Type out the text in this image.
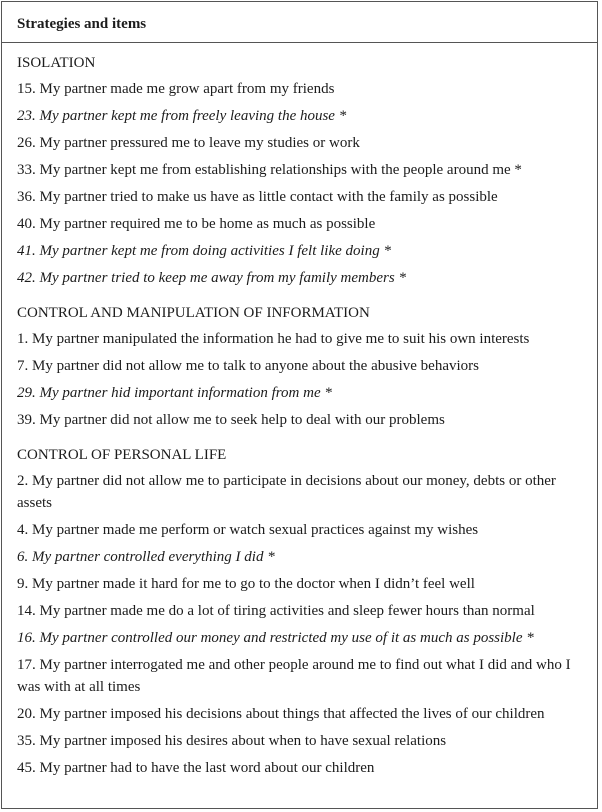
Strategies and items
ISOLATION
15. My partner made me grow apart from my friends
23. My partner kept me from freely leaving the house *
26. My partner pressured me to leave my studies or work
33. My partner kept me from establishing relationships with the people around me *
36. My partner tried to make us have as little contact with the family as possible
40. My partner required me to be home as much as possible
41. My partner kept me from doing activities I felt like doing *
42. My partner tried to keep me away from my family members *
CONTROL AND MANIPULATION OF INFORMATION
1. My partner manipulated the information he had to give me to suit his own interests
7. My partner did not allow me to talk to anyone about the abusive behaviors
29. My partner hid important information from me *
39. My partner did not allow me to seek help to deal with our problems
CONTROL OF PERSONAL LIFE
2. My partner did not allow me to participate in decisions about our money, debts or other assets
4. My partner made me perform or watch sexual practices against my wishes
6. My partner controlled everything I did *
9. My partner made it hard for me to go to the doctor when I didn’t feel well
14. My partner made me do a lot of tiring activities and sleep fewer hours than normal
16. My partner controlled our money and restricted my use of it as much as possible *
17. My partner interrogated me and other people around me to find out what I did and who I was with at all times
20. My partner imposed his decisions about things that affected the lives of our children
35. My partner imposed his desires about when to have sexual relations
45. My partner had to have the last word about our children
